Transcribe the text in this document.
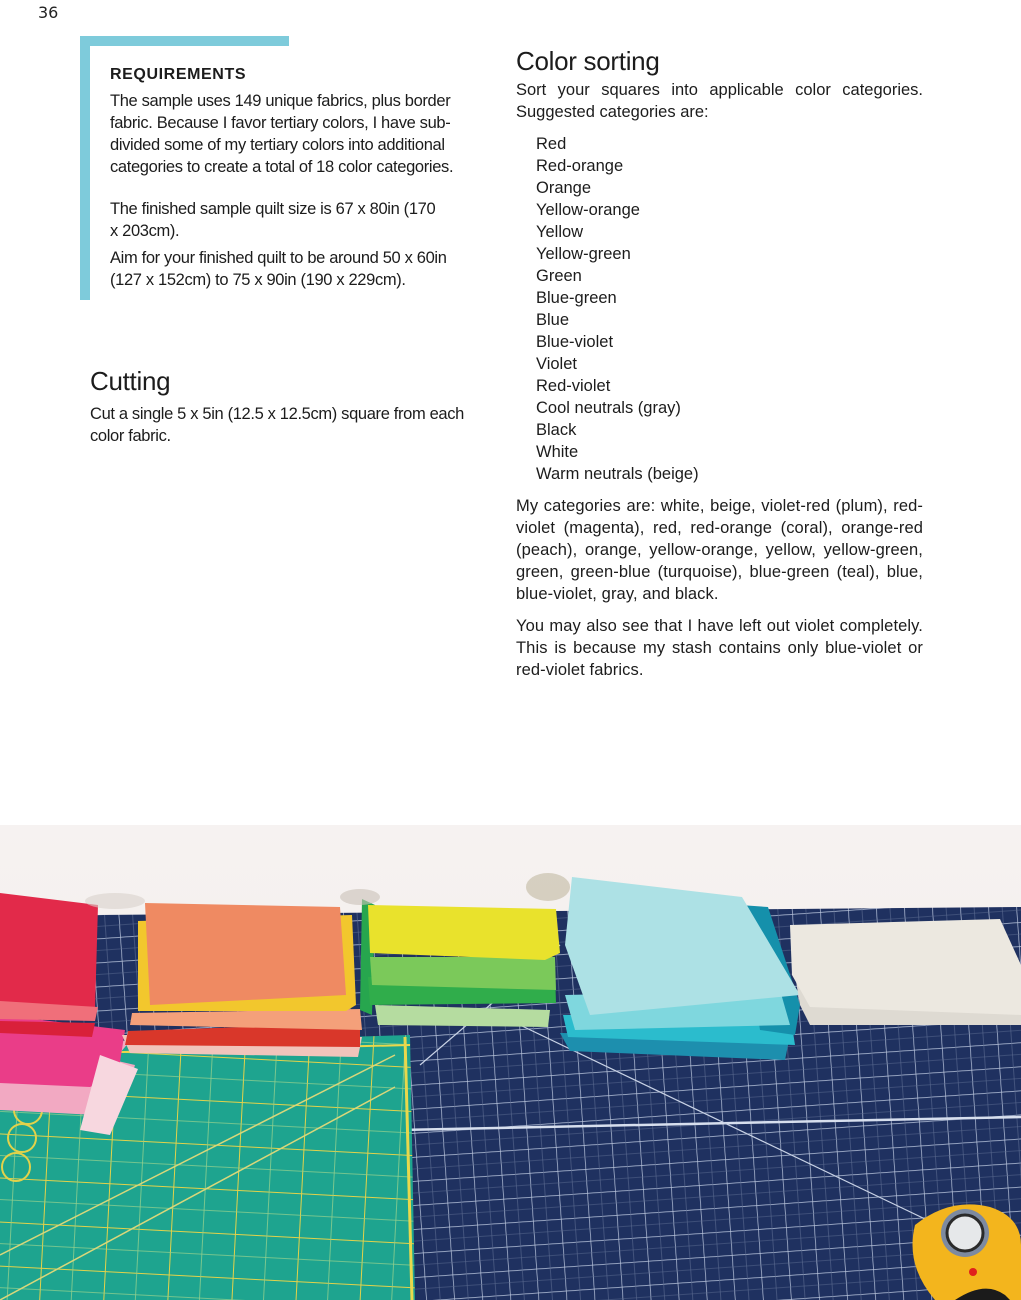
36
REQUIREMENTS

The sample uses 149 unique fabrics, plus border fabric. Because I favor tertiary colors, I have sub-divided some of my tertiary colors into additional categories to create a total of 18 color categories.

The finished sample quilt size is 67 x 80in (170 x 203cm).

Aim for your finished quilt to be around 50 x 60in (127 x 152cm) to 75 x 90in (190 x 229cm).

Cutting

Cut a single 5 x 5in (12.5 x 12.5cm) square from each color fabric.

Color sorting

Sort your squares into applicable color categories. Suggested categories are:

Red
Red-orange
Orange
Yellow-orange
Yellow
Yellow-green
Green
Blue-green
Blue
Blue-violet
Violet
Red-violet
Cool neutrals (gray)
Black
White
Warm neutrals (beige)

My categories are: white, beige, violet-red (plum), red-violet (magenta), red, red-orange (coral), orange-red (peach), orange, yellow-orange, yellow, yellow-green, green, green-blue (turquoise), blue-green (teal), blue, blue-violet, gray, and black.

You may also see that I have left out violet completely. This is because my stash contains only blue-violet or red-violet fabrics.
